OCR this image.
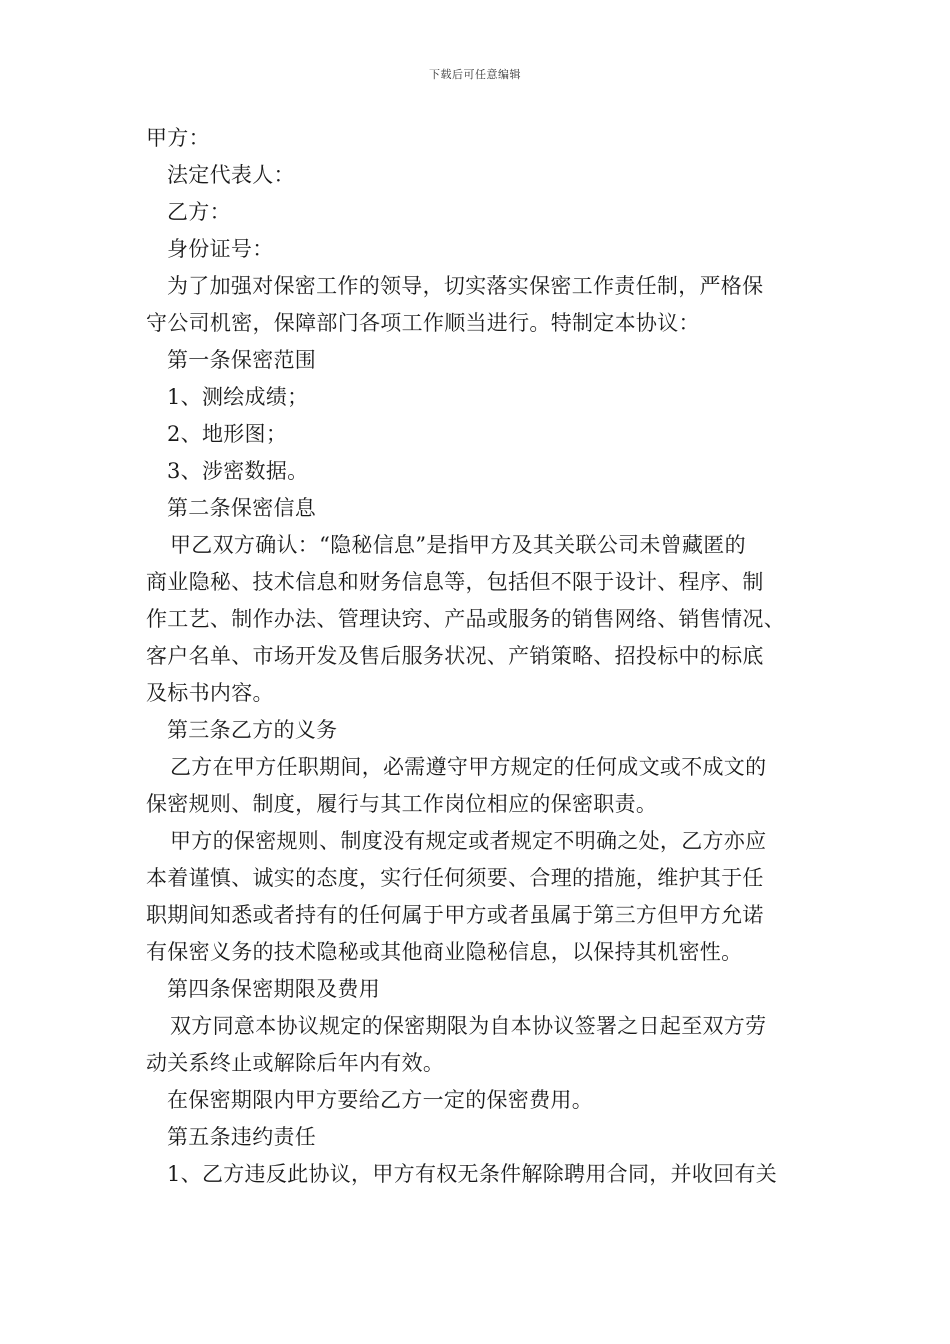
下载后可任意编辑
甲方：
法定代表人：
乙方：
身份证号：
为了加强对保密工作的领导，切实落实保密工作责任制，严格保
守公司机密，保障部门各项工作顺当进行。特制定本协议：
第一条保密范围
1、测绘成绩；
2、地形图；
3、涉密数据。
第二条保密信息
甲乙双方确认：“隐秘信息”是指甲方及其关联公司未曾藏匿的
商业隐秘、技术信息和财务信息等，包括但不限于设计、程序、制
作工艺、制作办法、管理诀窍、产品或服务的销售网络、销售情况、
客户名单、市场开发及售后服务状况、产销策略、招投标中的标底
及标书内容。
第三条乙方的义务
乙方在甲方任职期间，必需遵守甲方规定的任何成文或不成文的
保密规则、制度，履行与其工作岗位相应的保密职责。
甲方的保密规则、制度没有规定或者规定不明确之处，乙方亦应
本着谨慎、诚实的态度，实行任何须要、合理的措施，维护其于任
职期间知悉或者持有的任何属于甲方或者虽属于第三方但甲方允诺
有保密义务的技术隐秘或其他商业隐秘信息，以保持其机密性。
第四条保密期限及费用
双方同意本协议规定的保密期限为自本协议签署之日起至双方劳
动关系终止或解除后年内有效。
在保密期限内甲方要给乙方一定的保密费用。
第五条违约责任
1、乙方违反此协议，甲方有权无条件解除聘用合同，并收回有关
